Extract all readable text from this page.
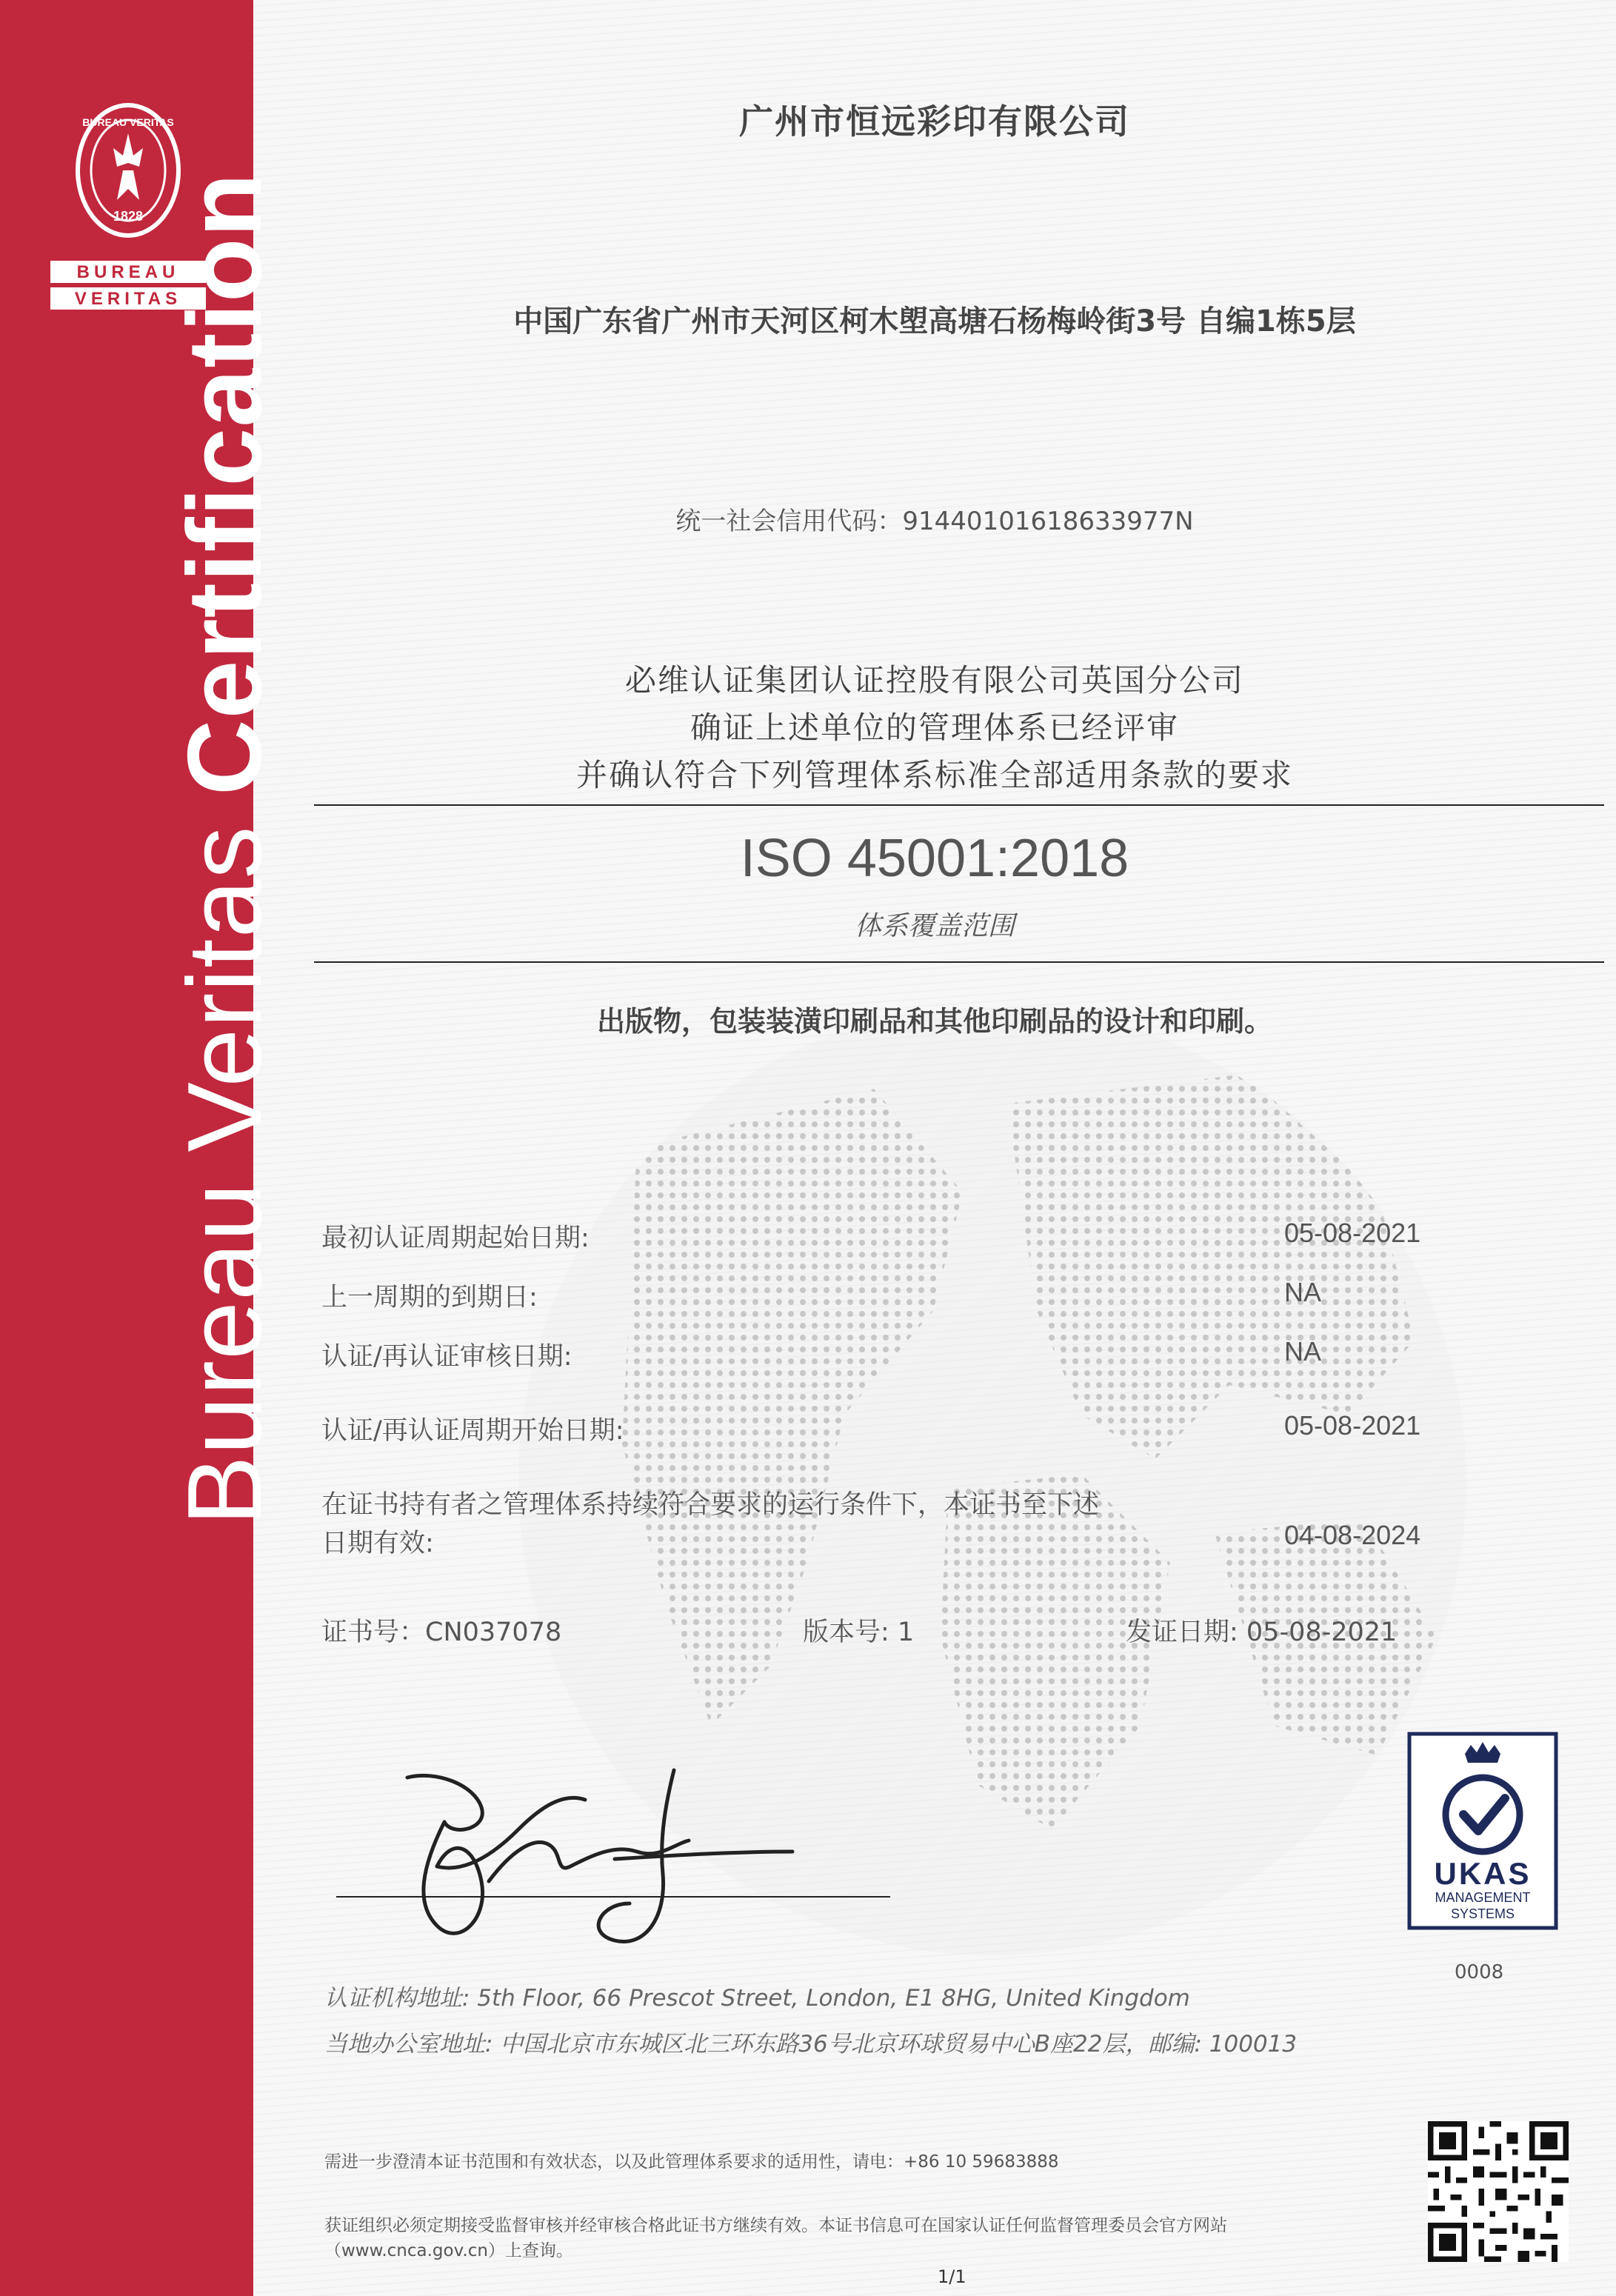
BUREAU VERITAS
1828
BUREAU
VERITAS
Bureau Veritas Certification
广州市恒远彩印有限公司
中国广东省广州市天河区柯木塱高塘石杨梅岭街3号 自编1栋5层
统一社会信用代码：91440101618633977N
必维认证集团认证控股有限公司英国分公司
确证上述单位的管理体系已经评审
并确认符合下列管理体系标准全部适用条款的要求
ISO 45001:2018
体系覆盖范围
出版物，包装装潢印刷品和其他印刷品的设计和印刷。
最初认证周期起始日期:	05-08-2021
上一周期的到期日:	NA
认证/再认证审核日期:	NA
认证/再认证周期开始日期:	05-08-2021
在证书持有者之管理体系持续符合要求的运行条件下，本证书至下述
日期有效:	04-08-2024
证书号：CN037078	版本号: 1	发证日期: 05-08-2021
UKAS
MANAGEMENT
SYSTEMS
0008
认证机构地址: 5th Floor, 66 Prescot Street, London, E1 8HG, United Kingdom
当地办公室地址: 中国北京市东城区北三环东路36号北京环球贸易中心B座22层，邮编: 100013
需进一步澄清本证书范围和有效状态，以及此管理体系要求的适用性，请电：+86 10 59683888
获证组织必须定期接受监督审核并经审核合格此证书方继续有效。本证书信息可在国家认证任何监督管理委员会官方网站
（www.cnca.gov.cn）上查询。
1/1
